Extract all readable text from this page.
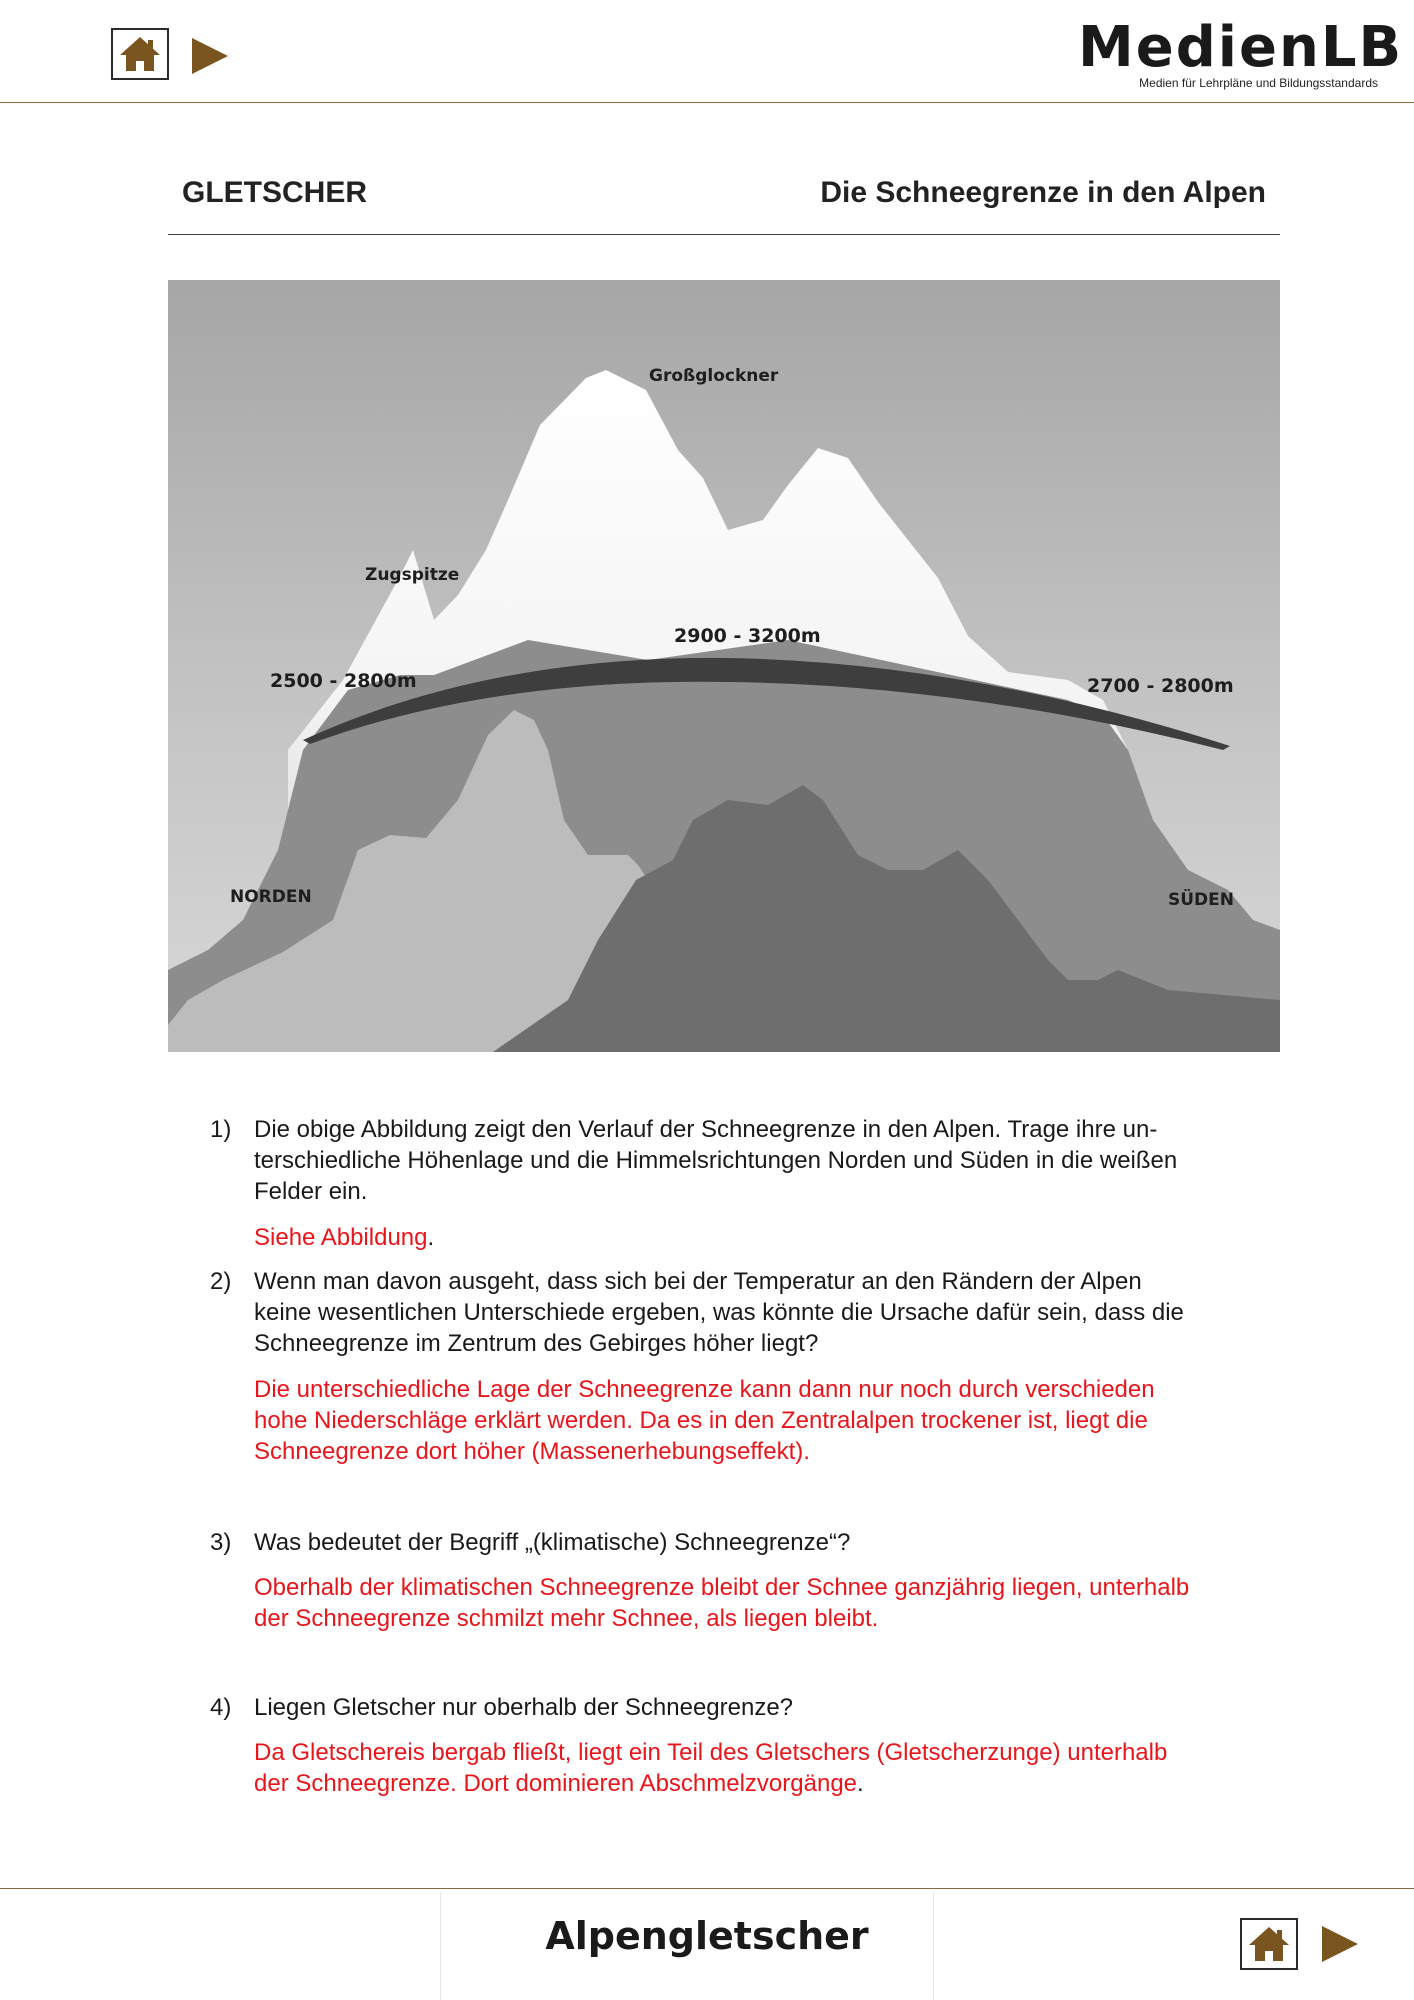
MedienLB
Medien für Lehrpläne und Bildungsstandards
GLETSCHER	Die Schneegrenze in den Alpen
Großglockner
Zugspitze
2500 - 2800m
2900 - 3200m
2700 - 2800m
NORDEN	SÜDEN
1) Die obige Abbildung zeigt den Verlauf der Schneegrenze in den Alpen. Trage ihre un-
terschiedliche Höhenlage und die Himmelsrichtungen Norden und Süden in die weißen
Felder ein.
Siehe Abbildung.
2) Wenn man davon ausgeht, dass sich bei der Temperatur an den Rändern der Alpen
keine wesentlichen Unterschiede ergeben, was könnte die Ursache dafür sein, dass die
Schneegrenze im Zentrum des Gebirges höher liegt?
Die unterschiedliche Lage der Schneegrenze kann dann nur noch durch verschieden
hohe Niederschläge erklärt werden. Da es in den Zentralalpen trockener ist, liegt die
Schneegrenze dort höher (Massenerhebungseffekt).
3) Was bedeutet der Begriff „(klimatische) Schneegrenze“?
Oberhalb der klimatischen Schneegrenze bleibt der Schnee ganzjährig liegen, unterhalb
der Schneegrenze schmilzt mehr Schnee, als liegen bleibt.
4) Liegen Gletscher nur oberhalb der Schneegrenze?
Da Gletschereis bergab fließt, liegt ein Teil des Gletschers (Gletscherzunge) unterhalb
der Schneegrenze. Dort dominieren Abschmelzvorgänge.
Alpengletscher
